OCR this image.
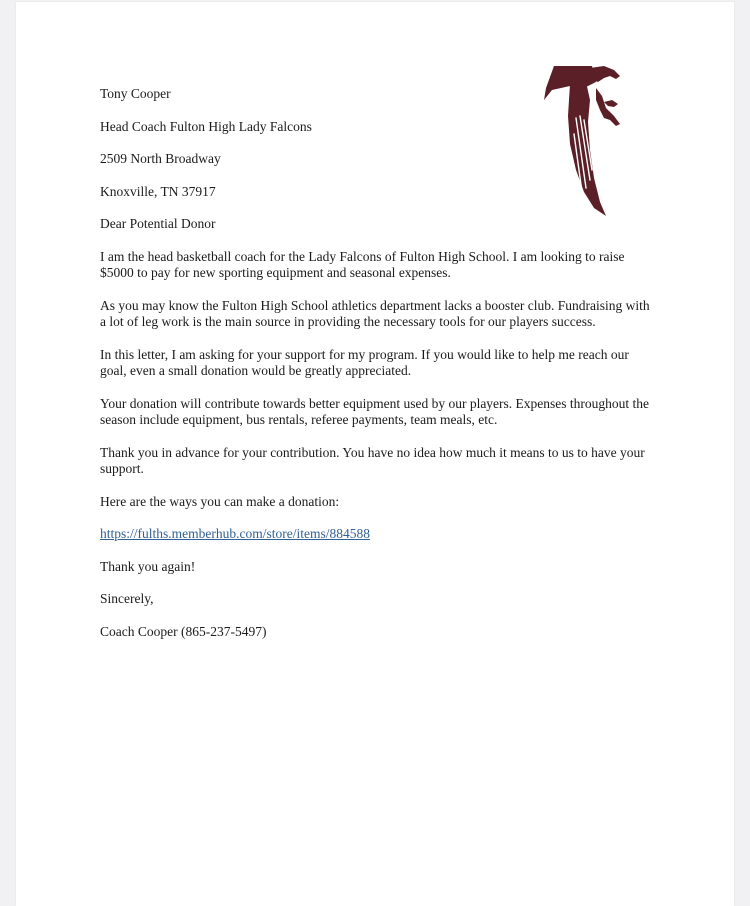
Tony Cooper

Head Coach Fulton High Lady Falcons

2509 North Broadway

Knoxville, TN 37917

Dear Potential Donor

I am the head basketball coach for the Lady Falcons of Fulton High School. I am looking to raise $5000 to pay for new sporting equipment and seasonal expenses.

As you may know the Fulton High School athletics department lacks a booster club. Fundraising with a lot of leg work is the main source in providing the necessary tools for our players success.

In this letter, I am asking for your support for my program. If you would like to help me reach our goal, even a small donation would be greatly appreciated.

Your donation will contribute towards better equipment used by our players. Expenses throughout the season include equipment, bus rentals, referee payments, team meals, etc.

Thank you in advance for your contribution. You have no idea how much it means to us to have your support.

Here are the ways you can make a donation:

https://fulths.memberhub.com/store/items/884588

Thank you again!

Sincerely,

Coach Cooper (865-237-5497)
